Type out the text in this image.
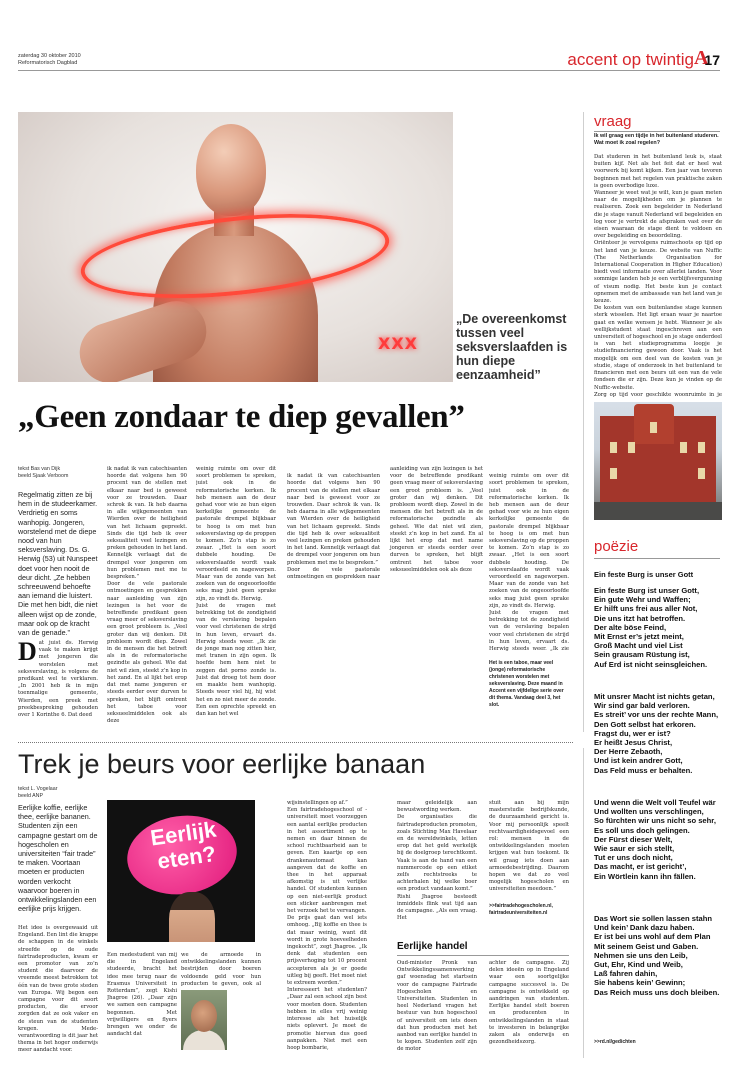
zaterdag 30 oktober 2010
Reformatorisch Dagblad	accent op twintig A
17
XXX
„De overeenkomst tussen veel seksverslaafden is hun diepe eenzaamheid”
„Geen zondaar te diep gevallen”
tekst Bas van Dijk
beeld Sjaak Verboom
Regelmatig zitten ze bij hem in de studeerkamer. Verdrietig en soms wanhopig. Jongeren, worstelend met de diepe nood van hun seksverslaving. Ds. G. Herwig (53) uit Nunspeet doet voor hen nooit de deur dicht. „Ze hebben schreeuwend behoefte aan iemand die luistert. Die met hen bidt, die niet alleen wijst op de zonde, maar ook op de kracht van de genade.”
Dat juist ds. Herwig vaak te maken krijgt met jongeren die worstelen met seksverslaving, is volgens de predikant wel te verklaren. „In 2001 heb ik in mijn toenmalige gemeente, Wierden, een preek met preekbespreking gehouden over 1 Korinthe 6. Dat deed
ik nadat ik van catechisanten hoorde dat volgens hen 90 procent van de stellen met elkaar naar bed is geweest voor ze trouwden. Daar schrok ik van. Ik heb daarna in alle wijkgemeenten van Wierden over de heiligheid van het lichaam gepreekt. Sinds die tijd heb ik over seksualiteit veel lezingen en preken gehouden in het land. Kennelijk verlaagt dat de drempel voor jongeren om hun problemen met me te bespreken.”
Door de vele pastorale ontmoetingen en gesprekken naar aanleiding van zijn lezingen is het voor de betreffende predikant geen vraag meer of seksverslaving een groot probleem is. „Veel groter dan wij denken. Dit probleem wordt diep. Zowel in de mensen die het betreft als in de reformatorische gezindte als geheel. Wie dat niet wil zien, steekt z’n kop in het zand. En al lijkt het erop dat met name jongeren er steeds eerder over durven te spreken, het blijft omtrent het taboe voor seksueelmiddelen ook als deze
weinig ruimte om over dit soort problemen te spreken, juist ook in de reformatorische kerken. Ik heb mensen aan de deur gehad voor wie ze hun eigen kerkelijke gemeente de pastorale drempel blijkbaar te hoog is om met hun seksverslaving op de proppen te komen. Zo’n stap is zo zwaar. „Het is een soort dubbele houding. De seksverslaafde wordt vaak veroordeeld en nageworpen. Maar van de zonde van het zoeken van de ongeoorloofde seks mag juist geen sprake zijn, zo vindt ds. Herwig.
Juist de vragen met betrekking tot de zondigheid van de verslaving bepalen voor veel christenen de strijd in hun leven, ervaart ds. Herwig steeds weer. „Ik zie de jonge man nog zitten hier, met tranen in zijn ogen. Ik hoefde hem hem niet te zeggen dat porno zonde is. Juist dat droeg tot hem door en maakte hem wanhopig. Steeds weer viel hij, hij wist het en zo niet meer de zonde. Een een oprechte spreekt en dan kan het wel

ik nadat ik van catechisanten hoorde dat volgens hen 90 procent van de stellen met elkaar naar bed is geweest voor ze trouwden. Daar schrok ik van. Ik heb daarna in alle wijkgemeenten van Wierden over de heiligheid van het lichaam gepreekt. Sinds die tijd heb ik over seksualiteit veel lezingen en preken gehouden in het land. Kennelijk verlaagt dat de drempel voor jongeren om hun problemen met me te bespreken.”
Door de vele pastorale ontmoetingen en gesprekken naar aanleiding van zijn lezingen is het voor de betreffende predikant geen vraag meer of seksverslaving een groot probleem is. „Veel groter dan wij denken. Dit probleem wordt diep. Zowel in de mensen die het betreft als in de reformatorische gezindte als geheel. Wie dat niet wil zien, steekt z’n kop in het zand. En al lijkt het erop dat met name jongeren er steeds eerder over durven te spreken, het blijft omtrent het taboe voor seksueelmiddelen ook als deze

weinig ruimte om over dit soort problemen te spreken, juist ook in de reformatorische kerken. Ik heb mensen aan de deur gehad voor wie ze hun eigen kerkelijke gemeente de pastorale drempel blijkbaar te hoog is om met hun seksverslaving op de proppen te komen. Zo’n stap is zo zwaar. „Het is een soort dubbele houding. De seksverslaafde wordt vaak veroordeeld en nageworpen. Maar van de zonde van het zoeken van de ongeoorloofde seks mag juist geen sprake zijn, zo vindt ds. Herwig.
Juist de vragen met betrekking tot de zondigheid van de verslaving bepalen voor veel christenen de strijd in hun leven, ervaart ds. Herwig steeds weer. „Ik zie

Het is een taboe, maar veel (jonge) reformatorische christenen worstelen met seksverslaving. Deze maand in Accent een vijfdelige serie over dit thema. Vandaag deel 3, het slot.
Trek je beurs voor eerlijke banaan
tekst L. Vogelaar
beeld ANP
Eerlijke koffie, eerlijke thee, eerlijke bananen. Studenten zijn een campagne gestart om de hogescholen en universiteiten “fair trade” te maken. Voortaan moeten er producten worden verkocht waarvoor boeren in ontwikkelingslanden een eerlijke prijs krijgen.
Eerlijk eten?
Het idee is overgewaaid uit Engeland. Een lint die krappe de schappen in de winkels streefde op de oude fairtradeproducten, kwam er een promotor van zo’n student die daarvoor de vreemde meest betrokken tot één van de twee grote steden van Europa. Wij begon een campagne voor dit soort producten, die ervoor zorgden dat ze ook vaker en de steun van de studenten kregen. Mede-verantwoording is dit jaar het thema in het hoger onderwijs meer aandacht voor.
Een medestudent van mij die in Engeland studeerde, bracht het idee mee terug naar de Erasmus Universiteit in Rotterdam”, zegt Kishi Jhagroe (26). „Daar zijn we samen een campagne begonnen. Met vrijwilligers en flyers brengen we onder de aandacht dat
we de armoede in ontwikkelingslanden kunnen bestrijden door boeren voldoende geld voor hun producten te geven, ook al
wijsinstellingen op af.”
Een fairtradehogeschool of -universiteit moet voorzeggen een aantal eerlijke producten in het assortiment op te nemen en daar binnen de school ruchtbaarheid aan te geven. Een kaartje op een drankenautomaat kan aangeven dat de koffie en thee in het apparaat afkomstig is uit verlijke handel. Of studenten kunnen op een niet-eerlijk product een sticker aanbrengen met het verzoek het te vervangen.
De prijs gaat dan wel iets omhoog. „Bij koffie en thee is dat maar weinig, want dit wordt in grote hoeveelheden ingekocht”, zegt Jhagroe. „Ik denk dat studenten een prijsverhoging tot 10 procent accepteren als je er goede uitleg bij geeft. Het moet niet te extreem worden.”
Interesseert het studenten? „Daar zal een school zijn best voor moeten doen. Studenten hebben in elles vrij weinig interesse als het huiselijk niets oplevert. Je moet de promotie hiervan dus goed aanpakken. Niet met een hoop bombarie,
maar geleidelijk aan bewustwording werken.
De organisaties die fairtradeproducten promoten, zoals Stichting Max Havelaar en de wereldwinkels, letten erop dat het geld werkelijk bij de doelgroep terechtkomt. Vaak is aan de hand van een nummercode op een etiket zelfs rechtstreeks te achterhalen bij welke boer een product vandaan komt.”
Rishi Jhagroe besteedt inmiddels flink wat tijd aan de campagne. „Als een vraag. Het
stuit aan bij mijn masterstudie bedrijfskunde, de duurzaamheid gericht is. Voor mij persoonlijk speelt rechtvaardigheidsgevoel een rol: mensen in de ontwikkelingslanden moeten krijgen wat hun toekomt. Ik wil graag iets doen aan armoedebestrijding. Daarom hopen we dat zo veel mogelijk hogescholen en universiteiten meedoen.”
>>fairtradehogescholen.nl, fairtradeuniversiteiten.nl
Eerlijke handel
Oud-minister Pronk van Ontwikkelingssamenwerking gaf woensdag het startsein voor de campagne Fairtrade Hogescholen en Universiteiten. Studenten in heel Nederland vragen het bestuur van hun hogeschool of universiteit om iets doen dat hun producten met het aanbod van eerlijke handel in te kopen. Studenten zelf zijn de motor
achter de campagne. Zij delen ideeën op in Engeland waar een soortgelijke campagne succesvol is. De campagne is ontwikkeld op aandringen van studenten. Eerlijke handel stelt boeren en producenten in ontwikkelingslanden in staat te investeren in belangrijke zaken als onderwijs en gezondheidszorg.
vraag
Ik wil graag een tijdje in het buitenland studeren. Wat moet ik zoal regelen?
Dat studeren in het buitenland leuk is, staat buiten kijf. Net als het feit dat er heel wat voorwerk bij komt kijken. Een jaar van tevoren beginnen met het regelen van praktische zaken is geen overbodige luxe.
Wanneer je weet wat je wilt, kun je gaan meten naar de mogelijkheden om je plannen te realiseren. Zoek een begeleider in Nederland die je stage vanuit Nederland wil begeleiden en log voor je vertrekt de afspraken vast over de eisen waaraan de stage dient te voldoen en over begeleiding en beoordeling.
Oriënteer je vervolgens ruimschoots op tijd op het land van je keuze. De website van Nuffic (The Netherlands Organisation for International Cooperation in Higher Education) biedt veel informatie over allerlei landen. Voor sommige landen heb je een verblijfsvergunning of visum nodig. Het beste kun je contact opnemen met de ambassade van het land van je keuze.
De kosten van een buitenlandse stage kunnen sterk wisselen. Het ligt eraan waar je naartoe gaat en welke wensen je hebt. Wanneer je als wellijkstudent staat ingeschreven aan een universiteit of hogeschool en je stage onderdeel is van het studieprogramma loopje je studiefinanciering gewoon door. Vaak is het mogelijk om een deel van de kosten van je studie, stage of onderzoek in het buitenland te financieren met een beurs uit een van de vele fondsen die er zijn. Deze kun je vinden op de Nuffic-website.
Zorg op tijd voor geschikte woonruimte in je
poëzie
Ein feste Burg is unser Gott
Ein feste Burg ist unser Gott,
Ein gute Wehr und Waffen;
Er hilft uns frei aus aller Not,
Die uns itzt hat betroffen.
Der alte böse Feind,
Mit Ernst er’s jetzt meint,
Groß Macht und viel List
Sein grausam Rüstung ist,
Auf Erd ist nicht seinsgleichen.
Mit unsrer Macht ist nichts getan,
Wir sind gar bald verloren.
Es streit’ vor uns der rechte Mann,
Den Gott selbst hat erkoren.
Fragst du, wer er ist?
Er heißt Jesus Christ,
Der Herre Zebaoth,
Und ist kein andrer Gott,
Das Feld muss er behalten.
Und wenn die Welt voll Teufel wär
Und wollten uns verschlingen,
So fürchten wir uns nicht so sehr,
Es soll uns doch gelingen.
Der Fürst dieser Welt,
Wie saur er sich stellt,
Tut er uns doch nicht,
Das macht, er ist gericht’,
Ein Wörtlein kann ihn fällen.
Das Wort sie sollen lassen stahn
Und kein’ Dank dazu haben.
Er ist bei uns wohl auf dem Plan
Mit seinem Geist und Gaben.
Nehmen sie uns den Leib,
Gut, Ehr, Kind und Weib,
Laß fahren dahin,
Sie habens kein’ Gewinn;
Das Reich muss uns doch bleiben.
>>rd.nl/gedichten
